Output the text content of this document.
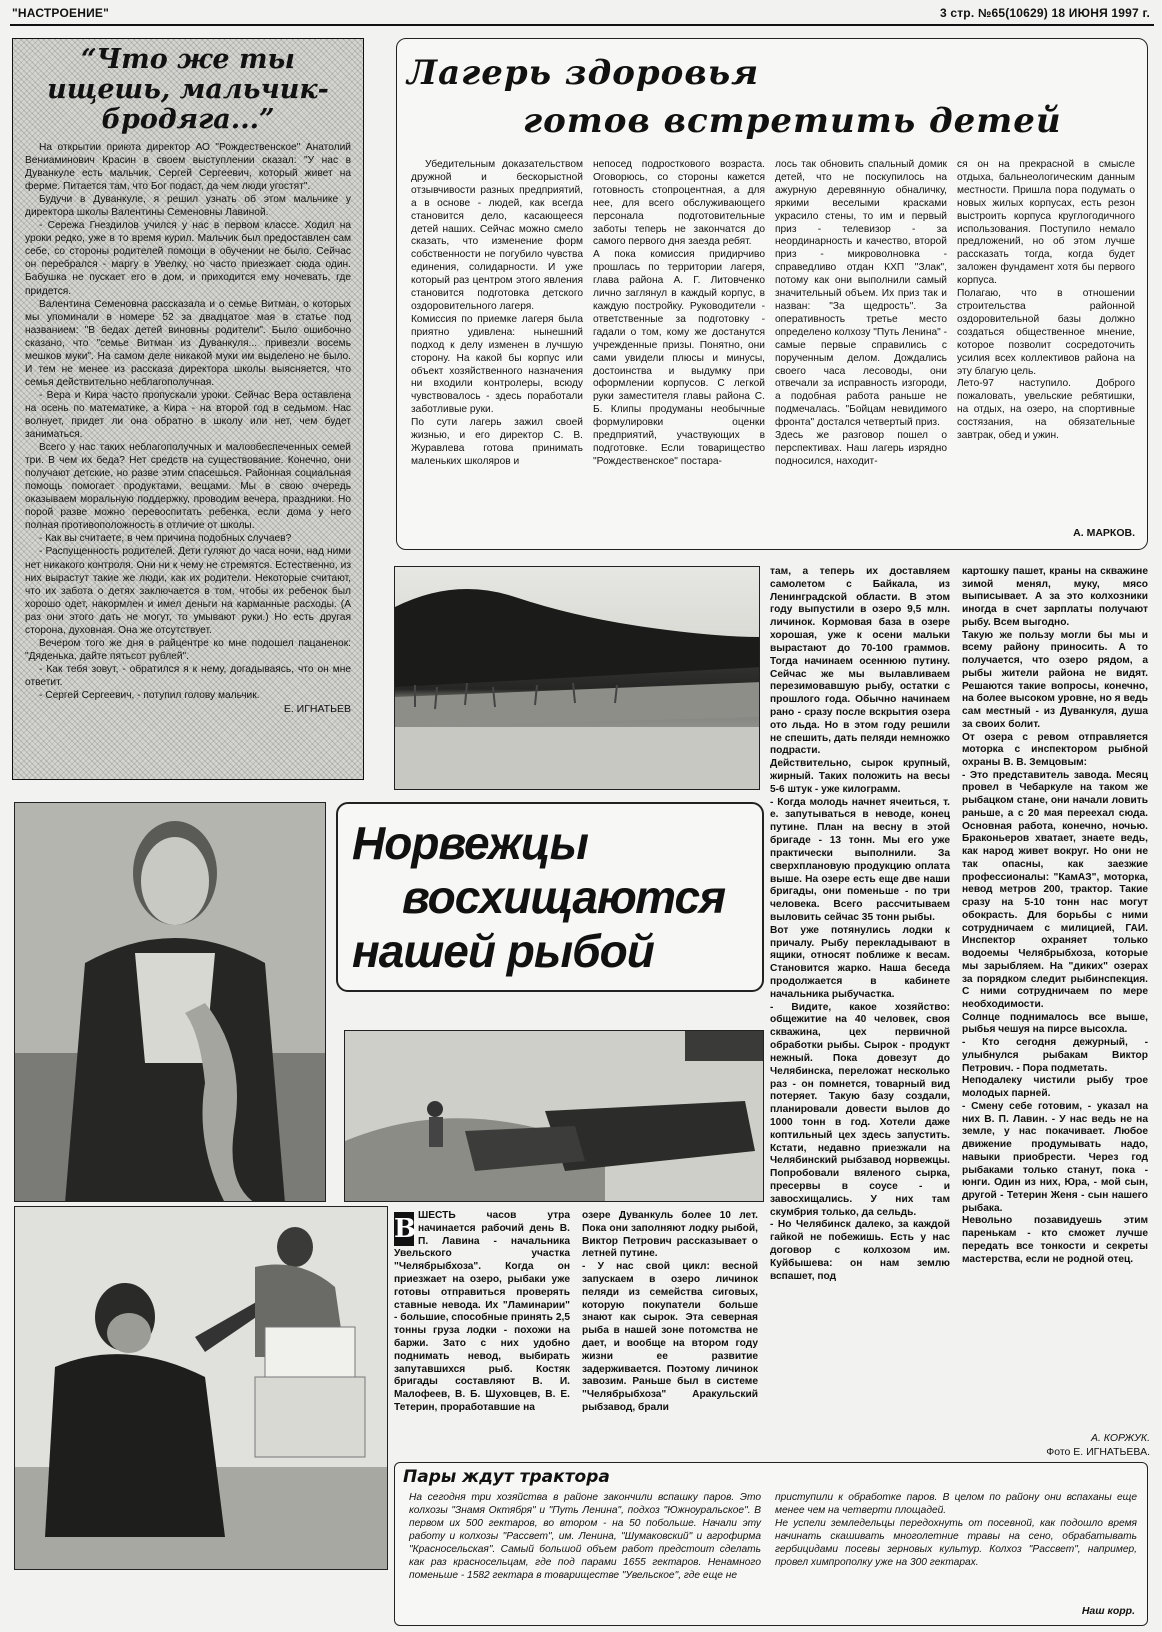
"НАСТРОЕНИЕ"	3 стр. №65(10629) 18 ИЮНЯ 1997 г.
“Что же ты ищешь, мальчик-бродяга...”

На открытии приюта директор АО "Рождественское" Анатолий Вениаминович Красин в своем выступлении сказал: "У нас в Дуванкуле есть мальчик, Сергей Сергеевич, который живет на ферме. Питается там, что Бог подаст, да чем люди угостят".

Будучи в Дуванкуле, я решил узнать об этом мальчике у директора школы Валентины Семеновны Лавиной.

- Сережа Гнездилов учился у нас в первом классе. Ходил на уроки редко, уже в то время курил. Мальчик был предоставлен сам себе, со стороны родителей помощи в обучении не было. Сейчас он перебрался - маргу в Увелку, но часто приезжает сюда один. Бабушка не пускает его в дом, и приходится ему ночевать, где придется.

Валентина Семеновна рассказала и о семье Витман, о которых мы упоминали в номере 52 за двадцатое мая в статье под названием: "В бедах детей виновны родители". Было ошибочно сказано, что "семье Витман из Дуванкуля... привезли восемь мешков муки". На самом деле никакой муки им выделено не было. И тем не менее из рассказа директора школы выясняется, что семья действительно неблагополучная.

- Вера и Кира часто пропускали уроки. Сейчас Вера оставлена на осень по математике, а Кира - на второй год в седьмом. Нас волнует, придет ли она обратно в школу или нет, чем будет заниматься.

Всего у нас таких неблагополучных и малообеспеченных семей три. В чем их беда? Нет средств на существование. Конечно, они получают детские, но разве этим спасешься. Районная социальная помощь помогает продуктами, вещами. Мы в свою очередь оказываем моральную поддержку, проводим вечера, праздники. Но порой разве можно перевоспитать ребенка, если дома у него полная противоположность в отличие от школы.

- Как вы считаете, в чем причина подобных случаев?

- Распущенность родителей. Дети гуляют до часа ночи, над ними нет никакого контроля. Они ни к чему не стремятся. Естественно, из них вырастут такие же люди, как их родители. Некоторые считают, что их забота о детях заключается в том, чтобы их ребенок был хорошо одет, накормлен и имел деньги на карманные расходы. (А раз они этого дать не могут, то умывают руки.) Но есть другая сторона, духовная. Она же отсутствует.

Вечером того же дня в райцентре ко мне подошел пацаненок: "Дяденька, дайте пятьсот рублей".

- Как тебя зовут, - обратился я к нему, догадываясь, что он мне ответит.

- Сергей Сергеевич, - потупил голову мальчик.

Е. ИГНАТЬЕВ
Лагерь здоровья
готов встретить детей
Убедительным доказательством дружной и бескорыстной отзывчивости разных предприятий, а в основе - людей, как всегда становится дело, касающееся детей наших. Сейчас можно смело сказать, что изменение форм собственности не погубило чувства единения, солидарности. И уже который раз центром этого явления становится подготовка детского оздоровительного лагеря.
Комиссия по приемке лагеря была приятно удивлена: нынешний подход к делу изменен в лучшую сторону. На какой бы корпус или объект хозяйственного назначения ни входили контролеры, всюду чувствовалось - здесь поработали заботливые руки.
По сути лагерь зажил своей жизнью, и его директор С. В. Журавлева готова принимать маленьких школяров и
непосед подросткового возраста. Оговорюсь, со стороны кажется готовность стопроцентная, а для нее, для всего обслуживающего персонала подготовительные заботы теперь не закончатся до самого первого дня заезда ребят.
А пока комиссия придирчиво прошлась по территории лагеря, глава района А. Г. Литовченко лично заглянул в каждый корпус, в каждую постройку. Руководители - ответственные за подготовку - гадали о том, кому же достанутся учрежденные призы. Понятно, они сами увидели плюсы и минусы, достоинства и выдумку при оформлении корпусов. С легкой руки заместителя главы района С. Б. Клипы продуманы необычные формулировки оценки предприятий, участвующих в подготовке. Если товарищество "Рождественское" постара-
лось так обновить спальный домик детей, что не поскупилось на ажурную деревянную обналичку, яркими веселыми красками украсило стены, то им и первый приз - телевизор - за неординарность и качество, второй приз - микроволновка - справедливо отдан КХП "Злак", потому как они выполнили самый значительный объем. Их приз так и назван: "За щедрость". За оперативность третье место определено колхозу "Путь Ленина" - самые первые справились с порученным делом. Дождались своего часа лесоводы, они отвечали за исправность изгороди, а подобная работа раньше не подмечалась. "Бойцам невидимого фронта" достался четвертый приз.
Здесь же разговор пошел о перспективах. Наш лагерь изрядно подносился, находит-
ся он на прекрасной в смысле отдыха, бальнеологическим данным местности. Пришла пора подумать о новых жилых корпусах, есть резон выстроить корпуса круглогодичного использования. Поступило немало предложений, но об этом лучше рассказать тогда, когда будет заложен фундамент хотя бы первого корпуса.
Полагаю, что в отношении строительства районной оздоровительной базы должно создаться общественное мнение, которое позволит сосредоточить усилия всех коллективов района на эту благую цель.
Лето-97 наступило. Доброго пожаловать, увельские ребятишки, на отдых, на озеро, на спортивные состязания, на обязательные завтрак, обед и ужин.
А. МАРКОВ.
Норвежцы
восхищаются
нашей рыбой
В ШЕСТЬ часов утра начинается рабочий день В. П. Лавина - начальника Увельского участка "Челябрыбхоза". Когда он приезжает на озеро, рыбаки уже готовы отправиться проверять ставные невода. Их "Ламинарии" - большие, способные принять 2,5 тонны груза лодки - похожи на баржи. Зато с них удобно поднимать невод, выбирать запутавшихся рыб. Костяк бригады составляют В. И. Малофеев, В. Б. Шуховцев, В. Е. Тетерин, проработавшие на
озере Дуванкуль более 10 лет. Пока они заполняют лодку рыбой, Виктор Петрович рассказывает о летней путине.
- У нас свой цикл: весной запускаем в озеро личинок пеляди из семейства сиговых, которую покупатели больше знают как сырок. Эта северная рыба в нашей зоне потомства не дает, и вообще на втором году жизни ее развитие задерживается. Поэтому личинок завозим. Раньше был в системе "Челябрыбхоза" Аракульский рыбзавод, брали
там, а теперь их доставляем самолетом с Байкала, из Ленинградской области. В этом году выпустили в озеро 9,5 млн. личинок. Кормовая база в озере хорошая, уже к осени мальки вырастают до 70-100 граммов. Тогда начинаем осеннюю путину. Сейчас же мы вылавливаем перезимовавшую рыбу, остатки с прошлого года. Обычно начинаем рано - сразу после вскрытия озера ото льда. Но в этом году решили не спешить, дать пеляди немножко подрасти.
Действительно, сырок крупный, жирный. Таких положить на весы 5-6 штук - уже килограмм.
- Когда молодь начнет ячеиться, т. е. запутываться в неводе, конец путине. План на весну в этой бригаде - 13 тонн. Мы его уже практически выполнили. За сверхплановую продукцию оплата выше. На озере есть еще две наши бригады, они поменьше - по три человека. Всего рассчитываем выловить сейчас 35 тонн рыбы.
Вот уже потянулись лодки к причалу. Рыбу перекладывают в ящики, относят поближе к весам. Становится жарко. Наша беседа продолжается в кабинете начальника рыбучастка.
- Видите, какое хозяйство: общежитие на 40 человек, своя скважина, цех первичной обработки рыбы. Сырок - продукт нежный. Пока довезут до Челябинска, переложат несколько раз - он помнется, товарный вид потеряет. Такую базу создали, планировали довести вылов до 1000 тонн в год. Хотели даже коптильный цех здесь запустить. Кстати, недавно приезжали на Челябинский рыбзавод норвежцы. Попробовали вяленого сырка, пресервы в соусе - и завосхищались. У них там скумбрия только, да сельдь.
- Но Челябинск далеко, за каждой гайкой не побежишь. Есть у нас договор с колхозом им. Куйбышева: он нам землю вспашет, под
картошку пашет, краны на скважине зимой менял, муку, мясо выписывает. А за это колхозники иногда в счет зарплаты получают рыбу. Всем выгодно.
Такую же пользу могли бы мы и всему району приносить. А то получается, что озеро рядом, а рыбы жители района не видят. Решаются такие вопросы, конечно, на более высоком уровне, но я ведь сам местный - из Дуванкуля, душа за своих болит.
От озера с ревом отправляется моторка с инспектором рыбной охраны В. В. Земцовым:
- Это представитель завода. Месяц провел в Чебаркуле на таком же рыбацком стане, они начали ловить раньше, а с 20 мая переехал сюда. Основная работа, конечно, ночью. Браконьеров хватает, знаете ведь, как народ живет вокруг. Но они не так опасны, как заезжие профессионалы: "КамАЗ", моторка, невод метров 200, трактор. Такие сразу на 5-10 тонн нас могут обокрасть. Для борьбы с ними сотрудничаем с милицией, ГАИ. Инспектор охраняет только водоемы Челябрыбхоза, которые мы зарыбляем. На "диких" озерах за порядком следит рыбинспекция. С ними сотрудничаем по мере необходимости.
Солнце поднималось все выше, рыбья чешуя на пирсе высохла.
- Кто сегодня дежурный, - улыбнулся рыбакам Виктор Петрович. - Пора подметать.
Неподалеку чистили рыбу трое молодых парней.
- Смену себе готовим, - указал на них В. П. Лавин. - У нас ведь не на земле, у нас покачивает. Любое движение продумывать надо, навыки приобрести. Через год рыбаками только станут, пока - юнги. Один из них, Юра, - мой сын, другой - Тетерин Женя - сын нашего рыбака.
Невольно позавидуешь этим паренькам - кто сможет лучше передать все тонкости и секреты мастерства, если не родной отец.
А. КОРЖУК.
Фото Е. ИГНАТЬЕВА.
Пары ждут трактора
На сегодня три хозяйства в районе закончили вспашку паров. Это колхозы "Знамя Октября" и "Путь Ленина", подхоз "Южноуральское". В первом их 500 гектаров, во втором - на 50 побольше. Начали эту работу и колхозы "Рассвет", им. Ленина, "Шумаковский" и агрофирма "Красносельская". Самый большой объем работ предстоит сделать как раз красносельцам, где под парами 1655 гектаров. Ненамного поменьше - 1582 гектара в товариществе "Увельское", где еще не
приступили к обработке паров. В целом по району они вспаханы еще менее чем на четверти площадей.
Не успели земледельцы передохнуть от посевной, как подошло время начинать скашивать многолетние травы на сено, обрабатывать гербицидами посевы зерновых культур. Колхоз "Рассвет", например, провел химпрополку уже на 300 гектарах.
Наш корр.
